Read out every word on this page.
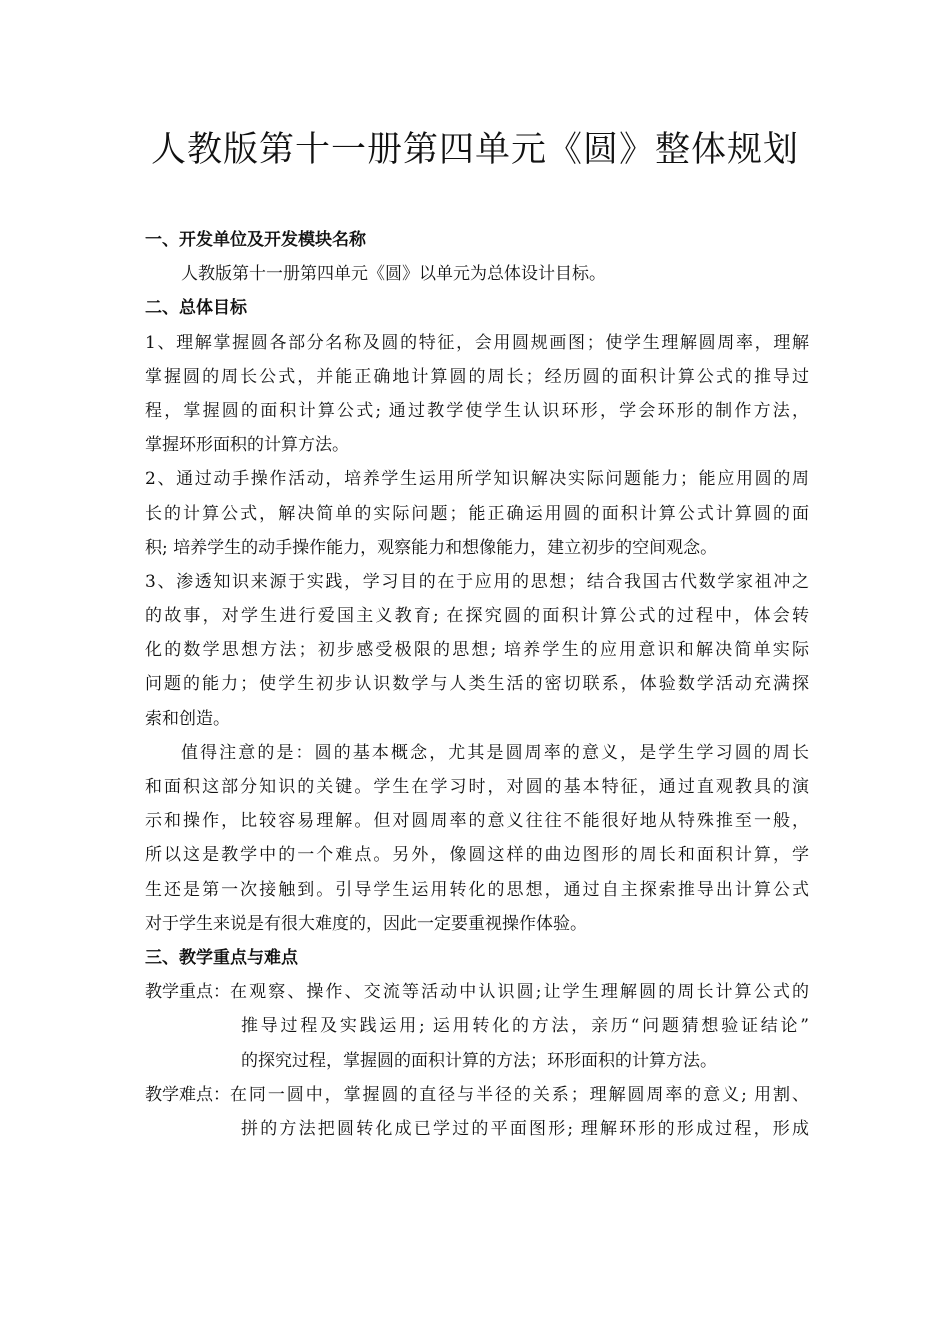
人教版第十一册第四单元《圆》整体规划
一、开发单位及开发模块名称
人教版第十一册第四单元《圆》以单元为总体设计目标。
二、总体目标
1、理解掌握圆各部分名称及圆的特征，会用圆规画图；使学生理解圆周率，理解
掌握圆的周长公式，并能正确地计算圆的周长；经历圆的面积计算公式的推导过
程，掌握圆的面积计算公式; 通过教学使学生认识环形，学会环形的制作方法，
掌握环形面积的计算方法。
2、通过动手操作活动，培养学生运用所学知识解决实际问题能力；能应用圆的周
长的计算公式，解决简单的实际问题；能正确运用圆的面积计算公式计算圆的面
积; 培养学生的动手操作能力，观察能力和想像能力，建立初步的空间观念。
3、渗透知识来源于实践，学习目的在于应用的思想；结合我国古代数学家祖冲之
的故事，对学生进行爱国主义教育; 在探究圆的面积计算公式的过程中，体会转
化的数学思想方法；初步感受极限的思想; 培养学生的应用意识和解决简单实际
问题的能力；使学生初步认识数学与人类生活的密切联系，体验数学活动充满探
索和创造。
值得注意的是：圆的基本概念，尤其是圆周率的意义，是学生学习圆的周长
和面积这部分知识的关键。学生在学习时，对圆的基本特征，通过直观教具的演
示和操作，比较容易理解。但对圆周率的意义往往不能很好地从特殊推至一般，
所以这是教学中的一个难点。另外，像圆这样的曲边图形的周长和面积计算，学
生还是第一次接触到。引导学生运用转化的思想，通过自主探索推导出计算公式
对于学生来说是有很大难度的，因此一定要重视操作体验。
三、教学重点与难点
教学重点： 在观察、操作、交流等活动中认识圆;让学生理解圆的周长计算公式的
推导过程及实践运用; 运用转化的方法，亲历“问题猜想验证结论”
的探究过程，掌握圆的面积计算的方法；环形面积的计算方法。
教学难点： 在同一圆中，掌握圆的直径与半径的关系；理解圆周率的意义; 用割、
拼的方法把圆转化成已学过的平面图形; 理解环形的形成过程，形成
